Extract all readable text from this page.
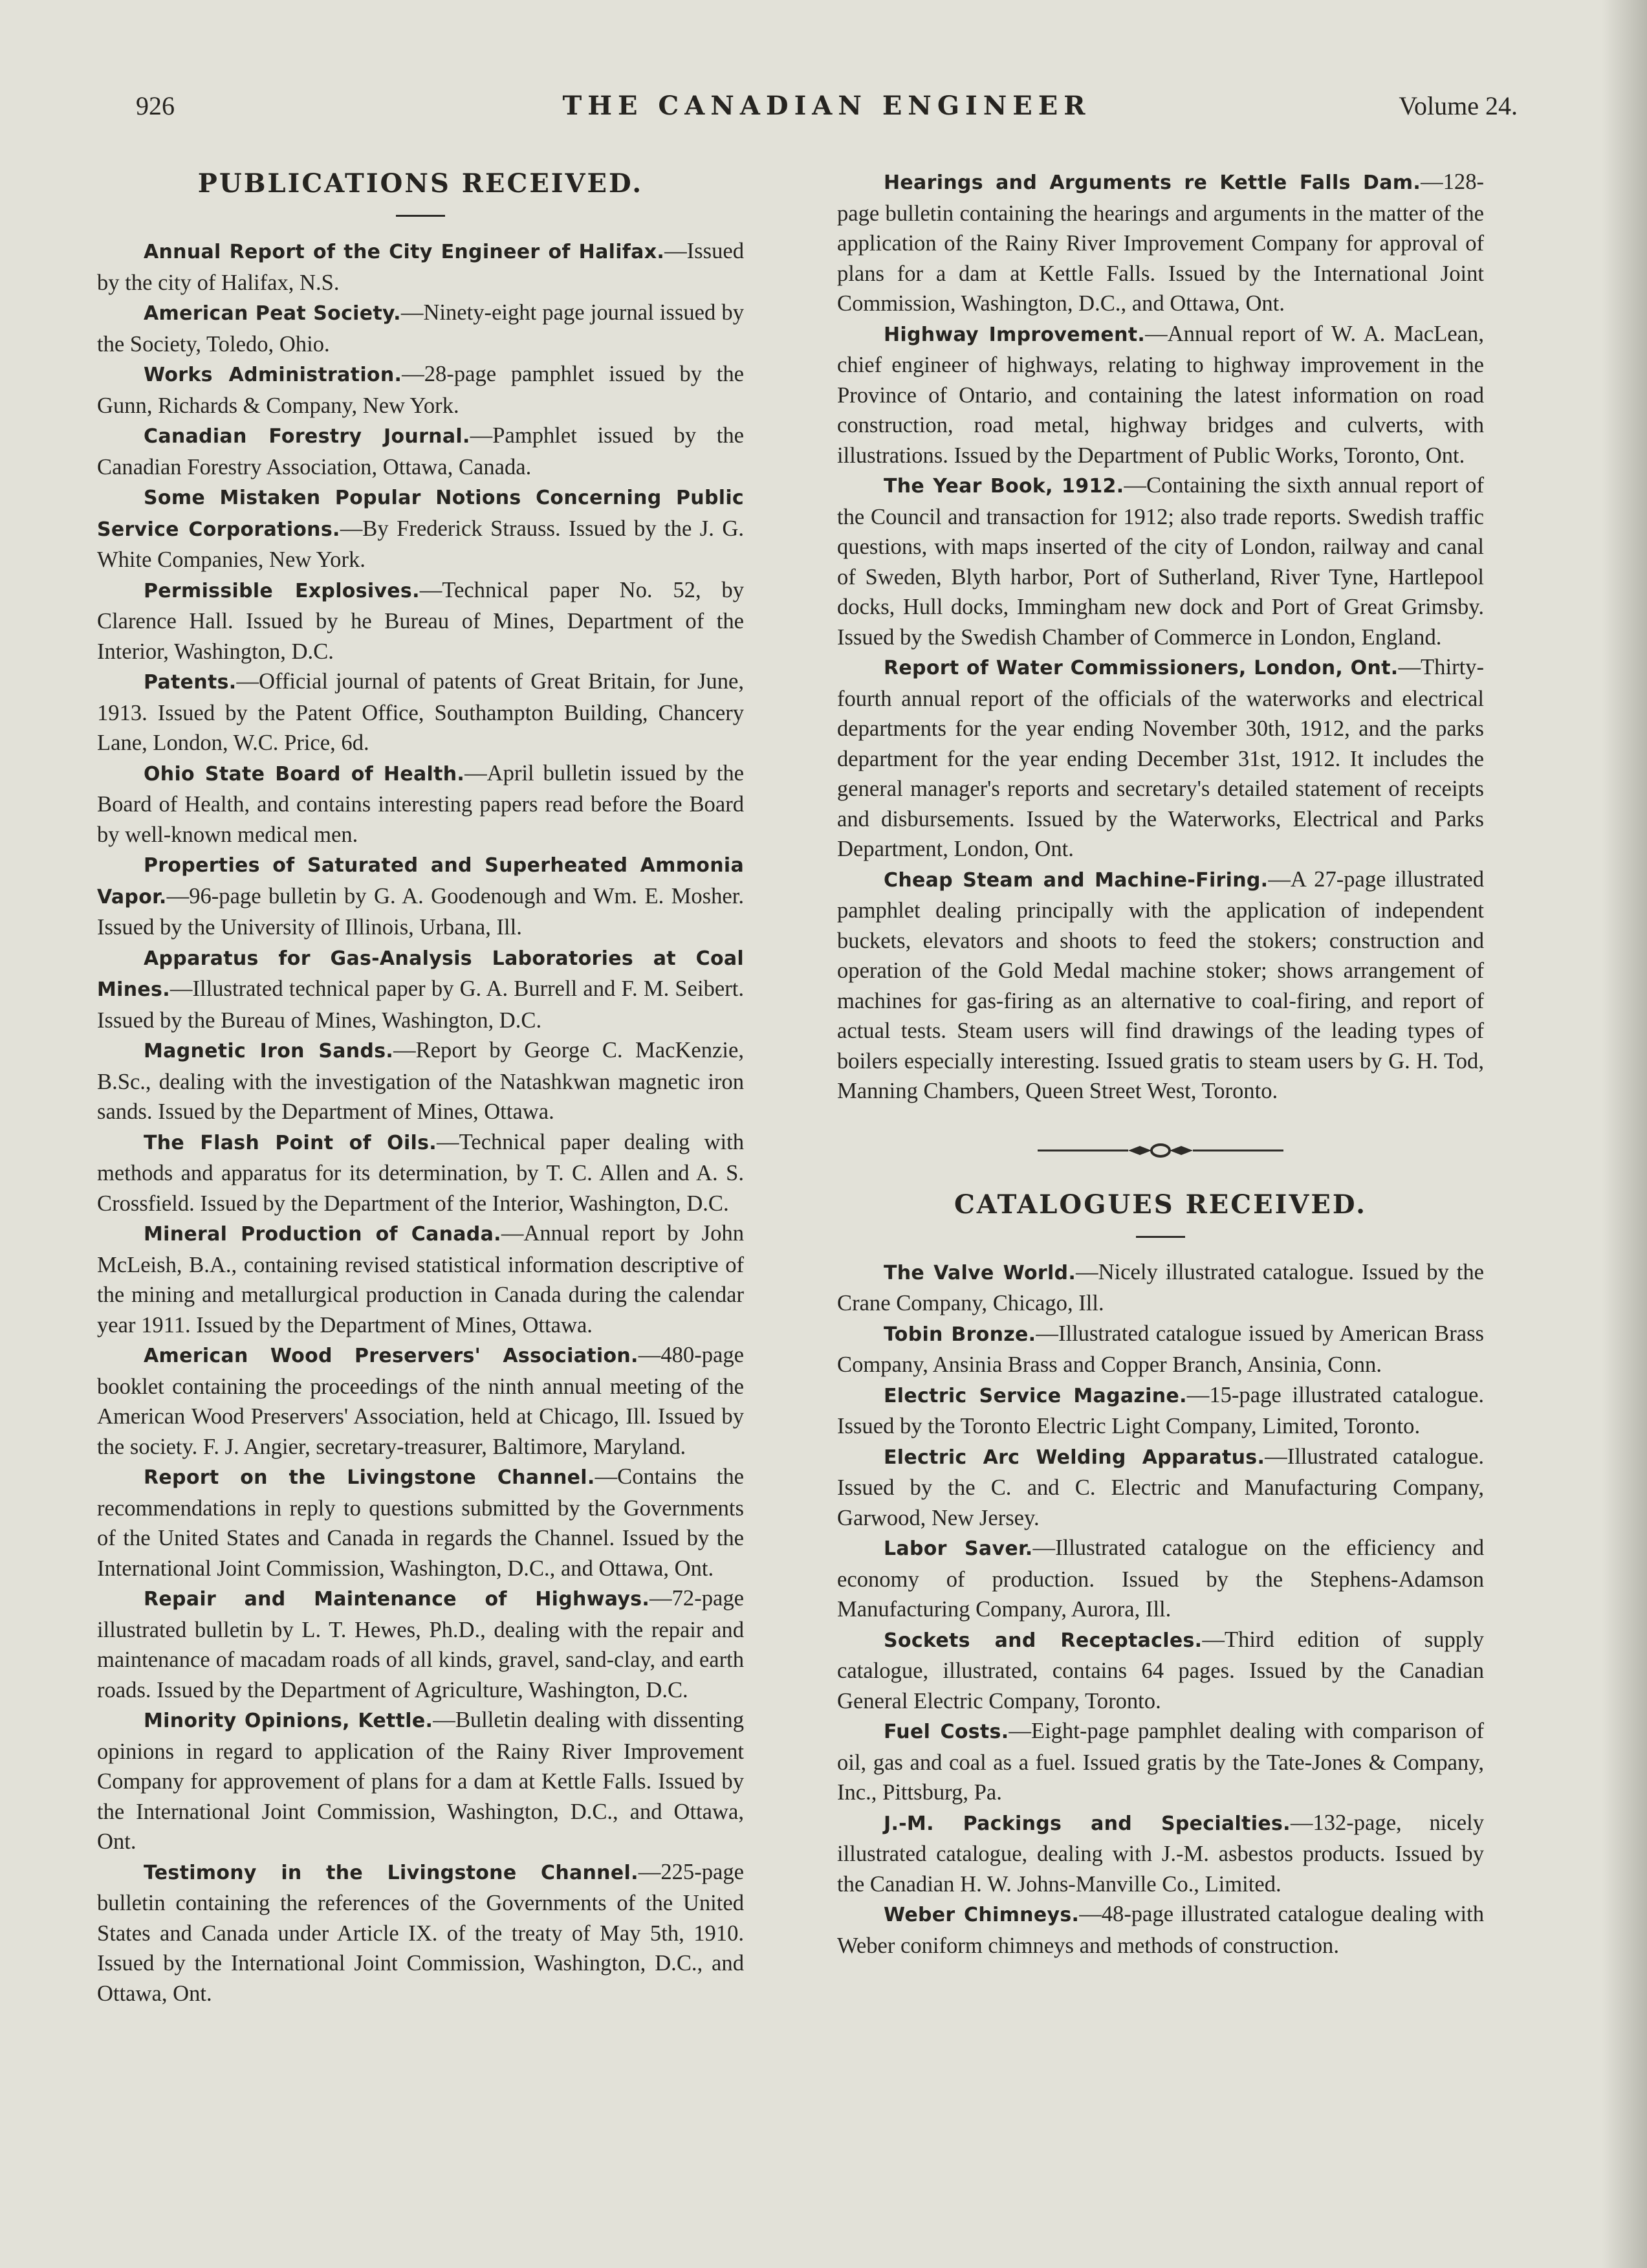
926	THE CANADIAN ENGINEER	Volume 24.
PUBLICATIONS RECEIVED.

Annual Report of the City Engineer of Halifax.—Issued by the city of Halifax, N.S.

American Peat Society.—Ninety-eight page journal issued by the Society, Toledo, Ohio.

Works Administration.—28-page pamphlet issued by the Gunn, Richards & Company, New York.

Canadian Forestry Journal.—Pamphlet issued by the Canadian Forestry Association, Ottawa, Canada.

Some Mistaken Popular Notions Concerning Public Service Corporations.—By Frederick Strauss. Issued by the J. G. White Companies, New York.

Permissible Explosives.—Technical paper No. 52, by Clarence Hall. Issued by he Bureau of Mines, Department of the Interior, Washington, D.C.

Patents.—Official journal of patents of Great Britain, for June, 1913. Issued by the Patent Office, Southampton Building, Chancery Lane, London, W.C. Price, 6d.

Ohio State Board of Health.—April bulletin issued by the Board of Health, and contains interesting papers read before the Board by well-known medical men.

Properties of Saturated and Superheated Ammonia Vapor.—96-page bulletin by G. A. Goodenough and Wm. E. Mosher. Issued by the University of Illinois, Urbana, Ill.

Apparatus for Gas-Analysis Laboratories at Coal Mines.—Illustrated technical paper by G. A. Burrell and F. M. Seibert. Issued by the Bureau of Mines, Washington, D.C.

Magnetic Iron Sands.—Report by George C. MacKenzie, B.Sc., dealing with the investigation of the Natashkwan magnetic iron sands. Issued by the Department of Mines, Ottawa.

The Flash Point of Oils.—Technical paper dealing with methods and apparatus for its determination, by T. C. Allen and A. S. Crossfield. Issued by the Department of the Interior, Washington, D.C.

Mineral Production of Canada.—Annual report by John McLeish, B.A., containing revised statistical information descriptive of the mining and metallurgical production in Canada during the calendar year 1911. Issued by the Department of Mines, Ottawa.

American Wood Preservers' Association.—480-page booklet containing the proceedings of the ninth annual meeting of the American Wood Preservers' Association, held at Chicago, Ill. Issued by the society. F. J. Angier, secretary-treasurer, Baltimore, Maryland.

Report on the Livingstone Channel.—Contains the recommendations in reply to questions submitted by the Governments of the United States and Canada in regards the Channel. Issued by the International Joint Commission, Washington, D.C., and Ottawa, Ont.

Repair and Maintenance of Highways.—72-page illustrated bulletin by L. T. Hewes, Ph.D., dealing with the repair and maintenance of macadam roads of all kinds, gravel, sand-clay, and earth roads. Issued by the Department of Agriculture, Washington, D.C.

Minority Opinions, Kettle.—Bulletin dealing with dissenting opinions in regard to application of the Rainy River Improvement Company for approvement of plans for a dam at Kettle Falls. Issued by the International Joint Commission, Washington, D.C., and Ottawa, Ont.

Testimony in the Livingstone Channel.—225-page bulletin containing the references of the Governments of the United States and Canada under Article IX. of the treaty of May 5th, 1910. Issued by the International Joint Commission, Washington, D.C., and Ottawa, Ont.

Hearings and Arguments re Kettle Falls Dam.—128-page bulletin containing the hearings and arguments in the matter of the application of the Rainy River Improvement Company for approval of plans for a dam at Kettle Falls. Issued by the International Joint Commission, Washington, D.C., and Ottawa, Ont.

Highway Improvement.—Annual report of W. A. MacLean, chief engineer of highways, relating to highway improvement in the Province of Ontario, and containing the latest information on road construction, road metal, highway bridges and culverts, with illustrations. Issued by the Department of Public Works, Toronto, Ont.

The Year Book, 1912.—Containing the sixth annual report of the Council and transaction for 1912; also trade reports. Swedish traffic questions, with maps inserted of the city of London, railway and canal of Sweden, Blyth harbor, Port of Sutherland, River Tyne, Hartlepool docks, Hull docks, Immingham new dock and Port of Great Grimsby. Issued by the Swedish Chamber of Commerce in London, England.

Report of Water Commissioners, London, Ont.—Thirty-fourth annual report of the officials of the waterworks and electrical departments for the year ending November 30th, 1912, and the parks department for the year ending December 31st, 1912. It includes the general manager's reports and secretary's detailed statement of receipts and disbursements. Issued by the Waterworks, Electrical and Parks Department, London, Ont.

Cheap Steam and Machine-Firing.—A 27-page illustrated pamphlet dealing principally with the application of independent buckets, elevators and shoots to feed the stokers; construction and operation of the Gold Medal machine stoker; shows arrangement of machines for gas-firing as an alternative to coal-firing, and report of actual tests. Steam users will find drawings of the leading types of boilers especially interesting. Issued gratis to steam users by G. H. Tod, Manning Chambers, Queen Street West, Toronto.

CATALOGUES RECEIVED.

The Valve World.—Nicely illustrated catalogue. Issued by the Crane Company, Chicago, Ill.

Tobin Bronze.—Illustrated catalogue issued by American Brass Company, Ansinia Brass and Copper Branch, Ansinia, Conn.

Electric Service Magazine.—15-page illustrated catalogue. Issued by the Toronto Electric Light Company, Limited, Toronto.

Electric Arc Welding Apparatus.—Illustrated catalogue. Issued by the C. and C. Electric and Manufacturing Company, Garwood, New Jersey.

Labor Saver.—Illustrated catalogue on the efficiency and economy of production. Issued by the Stephens-Adamson Manufacturing Company, Aurora, Ill.

Sockets and Receptacles.—Third edition of supply catalogue, illustrated, contains 64 pages. Issued by the Canadian General Electric Company, Toronto.

Fuel Costs.—Eight-page pamphlet dealing with comparison of oil, gas and coal as a fuel. Issued gratis by the Tate-Jones & Company, Inc., Pittsburg, Pa.

J.-M. Packings and Specialties.—132-page, nicely illustrated catalogue, dealing with J.-M. asbestos products. Issued by the Canadian H. W. Johns-Manville Co., Limited.

Weber Chimneys.—48-page illustrated catalogue dealing with Weber coniform chimneys and methods of construction.
